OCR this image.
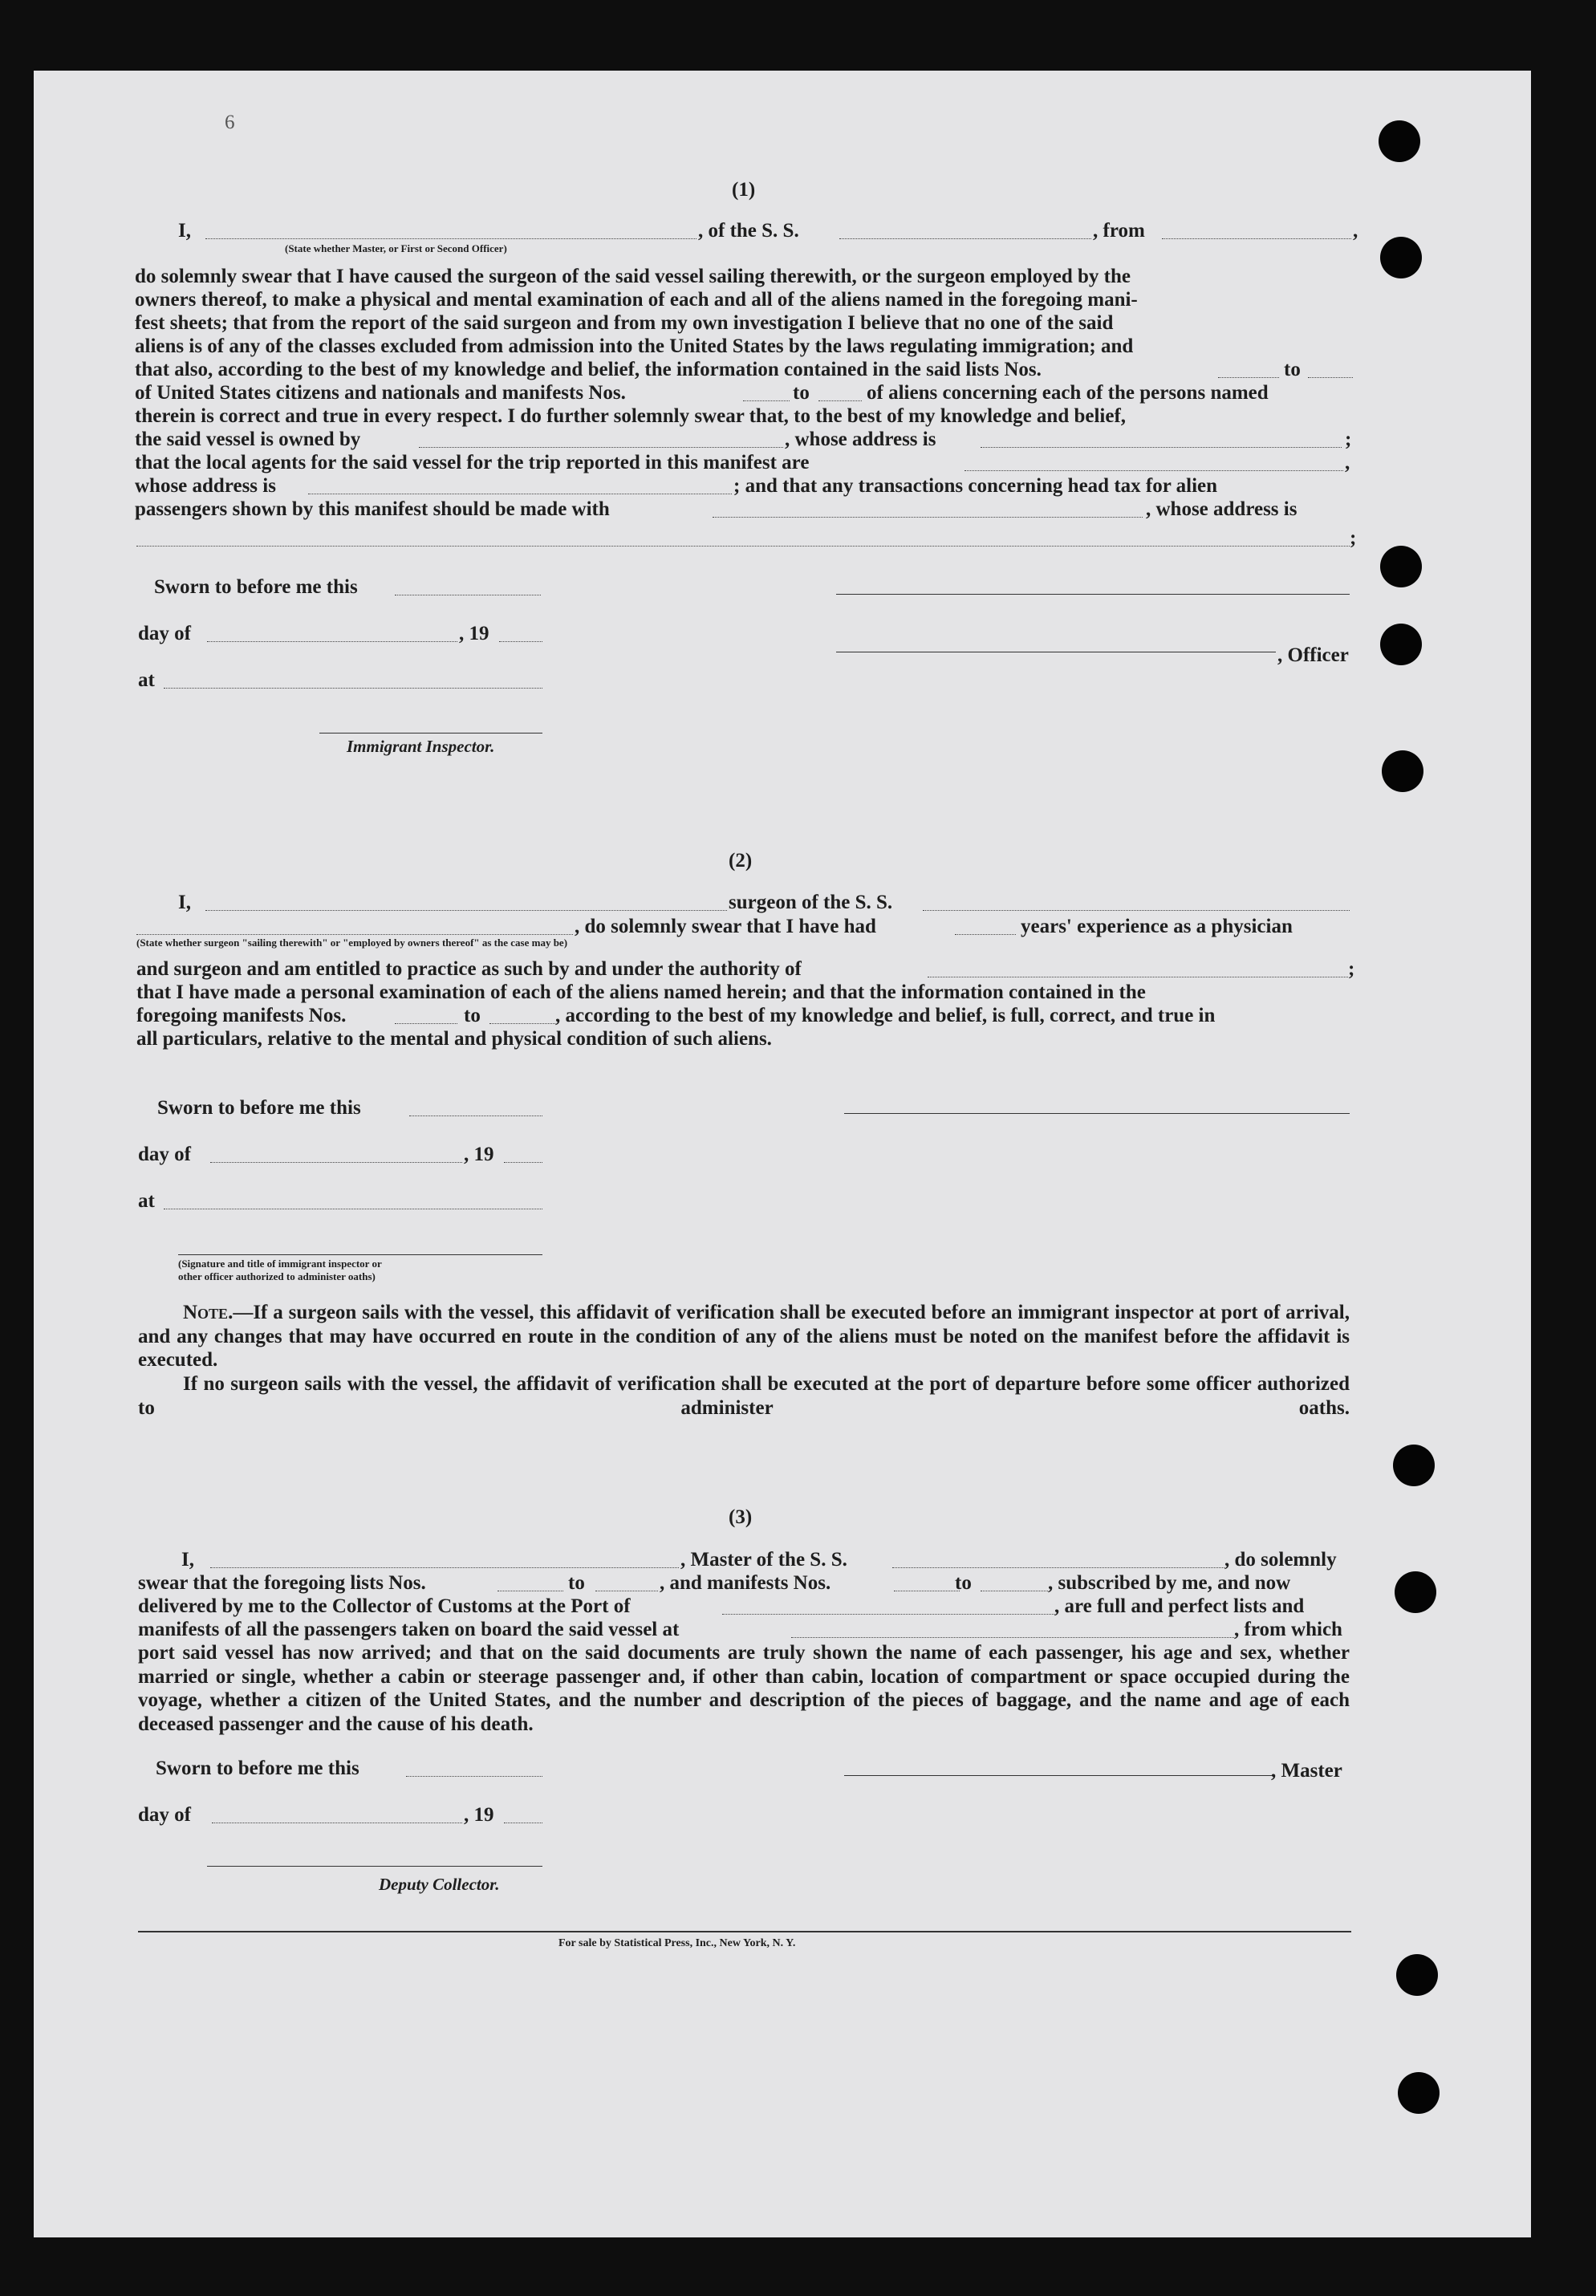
6
(1)
I,	, of the S. S.	, from	,
(State whether Master, or First or Second Officer)
do solemnly swear that I have caused the surgeon of the said vessel sailing therewith, or the surgeon employed by the
owners thereof, to make a physical and mental examination of each and all of the aliens named in the foregoing mani-
fest sheets; that from the report of the said surgeon and from my own investigation I believe that no one of the said
aliens is of any of the classes excluded from admission into the United States by the laws regulating immigration; and
that also, according to the best of my knowledge and belief, the information contained in the said lists Nos.	to
of United States citizens and nationals and manifests Nos.	to	of aliens concerning each of the persons named
therein is correct and true in every respect. I do further solemnly swear that, to the best of my knowledge and belief,
the said vessel is owned by	, whose address is	;
that the local agents for the said vessel for the trip reported in this manifest are	,
whose address is	; and that any transactions concerning head tax for alien
passengers shown by this manifest should be made with	, whose address is
;
Sworn to before me this
day of	, 19
, Officer
at
Immigrant Inspector.
(2)
I,	surgeon of the S. S.
, do solemnly swear that I have had	years' experience as a physician
(State whether surgeon "sailing therewith" or "employed by owners thereof" as the case may be)
and surgeon and am entitled to practice as such by and under the authority of	;
that I have made a personal examination of each of the aliens named herein; and that the information contained in the
foregoing manifests Nos.	to	, according to the best of my knowledge and belief, is full, correct, and true in
all particulars, relative to the mental and physical condition of such aliens.
Sworn to before me this
day of	, 19
at
(Signature and title of immigrant inspector or
other officer authorized to administer oaths)
Note.—If a surgeon sails with the vessel, this affidavit of verification shall be executed before an immigrant inspector at port of arrival, and any changes that may have occurred en route in the condition of any of the aliens must be noted on the manifest before the affidavit is executed.
If no surgeon sails with the vessel, the affidavit of verification shall be executed at the port of departure before some officer authorized to administer oaths.
(3)
I,	, Master of the S. S.	, do solemnly
swear that the foregoing lists Nos.	to	, and manifests Nos.	to	, subscribed by me, and now
delivered by me to the Collector of Customs at the Port of	, are full and perfect lists and
manifests of all the passengers taken on board the said vessel at	, from which
port said vessel has now arrived; and that on the said documents are truly shown the name of each passenger, his age and sex, whether married or single, whether a cabin or steerage passenger and, if other than cabin, location of compartment or space occupied during the voyage, whether a citizen of the United States, and the number and description of the pieces of baggage, and the name and age of each deceased passenger and the cause of his death.
Sworn to before me this	, Master
day of	, 19
Deputy Collector.
For sale by Statistical Press, Inc., New York, N. Y.
